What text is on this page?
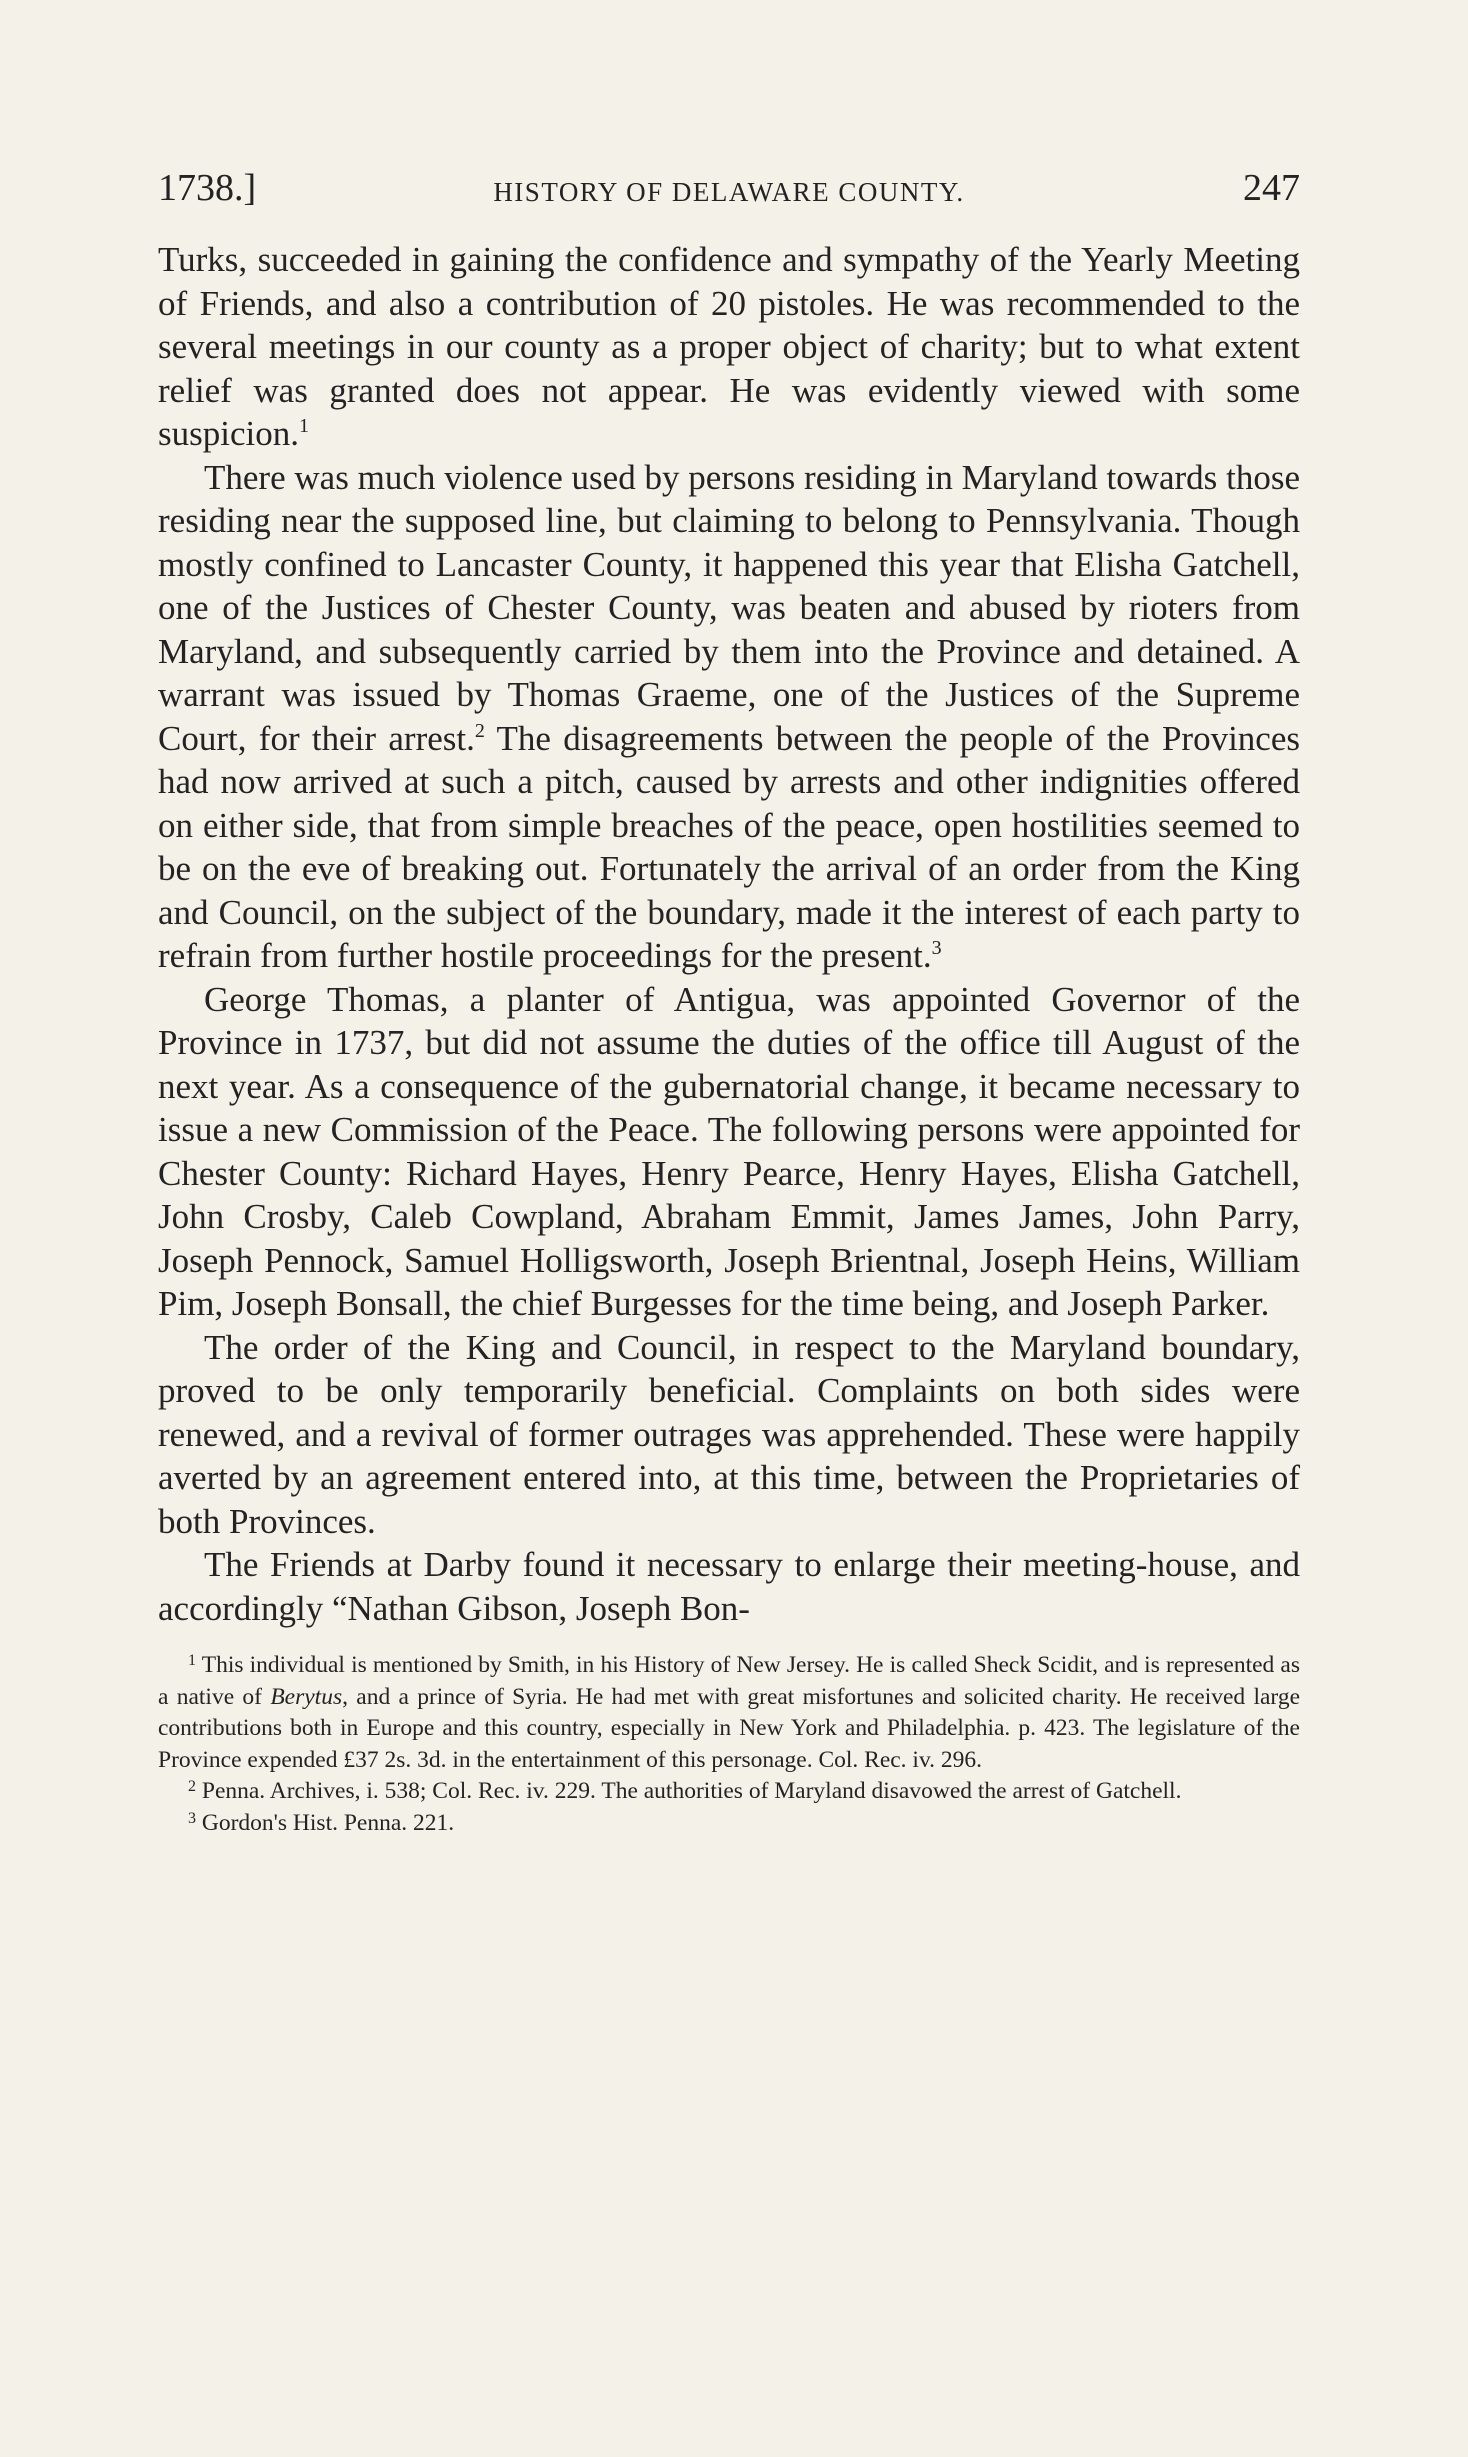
1738.]	HISTORY OF DELAWARE COUNTY.	247

Turks, succeeded in gaining the confidence and sympathy of the Yearly Meeting of Friends, and also a contribution of 20 pistoles. He was recommended to the several meetings in our county as a proper object of charity; but to what extent relief was granted does not appear. He was evidently viewed with some suspicion.$^1$

There was much violence used by persons residing in Maryland towards those residing near the supposed line, but claiming to belong to Pennsylvania. Though mostly confined to Lancaster County, it happened this year that Elisha Gatchell, one of the Justices of Chester County, was beaten and abused by rioters from Maryland, and subsequently carried by them into the Province and detained. A warrant was issued by Thomas Graeme, one of the Justices of the Supreme Court, for their arrest.$^2$ The disagreements between the people of the Provinces had now arrived at such a pitch, caused by arrests and other indignities offered on either side, that from simple breaches of the peace, open hostilities seemed to be on the eve of breaking out. Fortunately the arrival of an order from the King and Council, on the subject of the boundary, made it the interest of each party to refrain from further hostile proceedings for the present.$^3$

George Thomas, a planter of Antigua, was appointed Governor of the Province in 1737, but did not assume the duties of the office till August of the next year. As a consequence of the gubernatorial change, it became necessary to issue a new Commission of the Peace. The following persons were appointed for Chester County: Richard Hayes, Henry Pearce, Henry Hayes, Elisha Gatchell, John Crosby, Caleb Cowpland, Abraham Emmit, James James, John Parry, Joseph Pennock, Samuel Holligsworth, Joseph Brientnal, Joseph Heins, William Pim, Joseph Bonsall, the chief Burgesses for the time being, and Joseph Parker.

The order of the King and Council, in respect to the Maryland boundary, proved to be only temporarily beneficial. Complaints on both sides were renewed, and a revival of former outrages was apprehended. These were happily averted by an agreement entered into, at this time, between the Proprietaries of both Provinces.

The Friends at Darby found it necessary to enlarge their meeting-house, and accordingly “Nathan Gibson, Joseph Bon-

$^1$ This individual is mentioned by Smith, in his History of New Jersey. He is called Sheck Scidit, and is represented as a native of Berytus, and a prince of Syria. He had met with great misfortunes and solicited charity. He received large contributions both in Europe and this country, especially in New York and Philadelphia. p. 423. The legislature of the Province expended £37 2s. 3d. in the entertainment of this personage. Col. Rec. iv. 296.

$^2$ Penna. Archives, i. 538; Col. Rec. iv. 229. The authorities of Maryland disavowed the arrest of Gatchell.

$^3$ Gordon's Hist. Penna. 221.
